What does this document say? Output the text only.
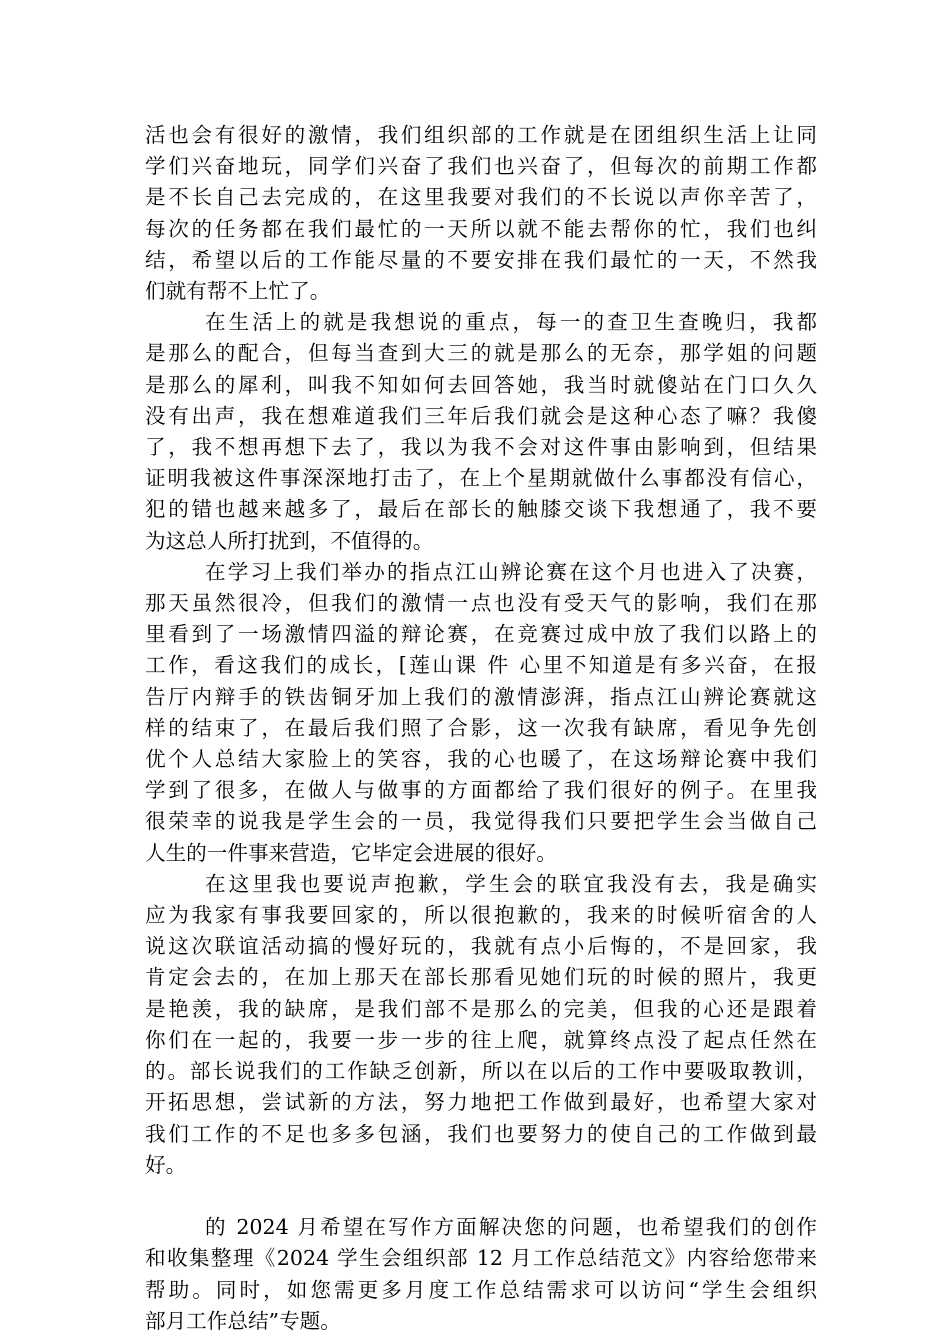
活也会有很好的激情，我们组织部的工作就是在团组织生活上让同
学们兴奋地玩，同学们兴奋了我们也兴奋了，但每次的前期工作都
是不长自己去完成的，在这里我要对我们的不长说以声你辛苦了，
每次的任务都在我们最忙的一天所以就不能去帮你的忙，我们也纠
结，希望以后的工作能尽量的不要安排在我们最忙的一天，不然我
们就有帮不上忙了。
在生活上的就是我想说的重点，每一的查卫生查晚归，我都
是那么的配合，但每当查到大三的就是那么的无奈，那学姐的问题
是那么的犀利，叫我不知如何去回答她，我当时就傻站在门口久久
没有出声，我在想难道我们三年后我们就会是这种心态了嘛？我傻
了，我不想再想下去了，我以为我不会对这件事由影响到，但结果
证明我被这件事深深地打击了，在上个星期就做什么事都没有信心，
犯的错也越来越多了，最后在部长的触膝交谈下我想通了，我不要
为这总人所打扰到，不值得的。
在学习上我们举办的指点江山辨论赛在这个月也进入了决赛，
那天虽然很冷，但我们的激情一点也没有受天气的影响，我们在那
里看到了一场激情四溢的辩论赛，在竞赛过成中放了我们以路上的
工作，看这我们的成长，[莲山课 件 心里不知道是有多兴奋，在报
告厅内辩手的铁齿铜牙加上我们的激情澎湃，指点江山辨论赛就这
样的结束了，在最后我们照了合影，这一次我有缺席，看见争先创
优个人总结大家脸上的笑容，我的心也暖了，在这场辩论赛中我们
学到了很多，在做人与做事的方面都给了我们很好的例子。在里我
很荣幸的说我是学生会的一员，我觉得我们只要把学生会当做自己
人生的一件事来营造，它毕定会进展的很好。
在这里我也要说声抱歉，学生会的联宜我没有去，我是确实
应为我家有事我要回家的，所以很抱歉的，我来的时候听宿舍的人
说这次联谊活动搞的慢好玩的，我就有点小后悔的，不是回家，我
肯定会去的，在加上那天在部长那看见她们玩的时候的照片，我更
是艳羡，我的缺席，是我们部不是那么的完美，但我的心还是跟着
你们在一起的，我要一步一步的往上爬，就算终点没了起点任然在
的。部长说我们的工作缺乏创新，所以在以后的工作中要吸取教训，
开拓思想，尝试新的方法，努力地把工作做到最好，也希望大家对
我们工作的不足也多多包涵，我们也要努力的使自己的工作做到最
好。
的 2024 月希望在写作方面解决您的问题，也希望我们的创作
和收集整理《2024 学生会组织部 12 月工作总结范文》内容给您带来
帮助。同时，如您需更多月度工作总结需求可以访问“学生会组织
部月工作总结”专题。
